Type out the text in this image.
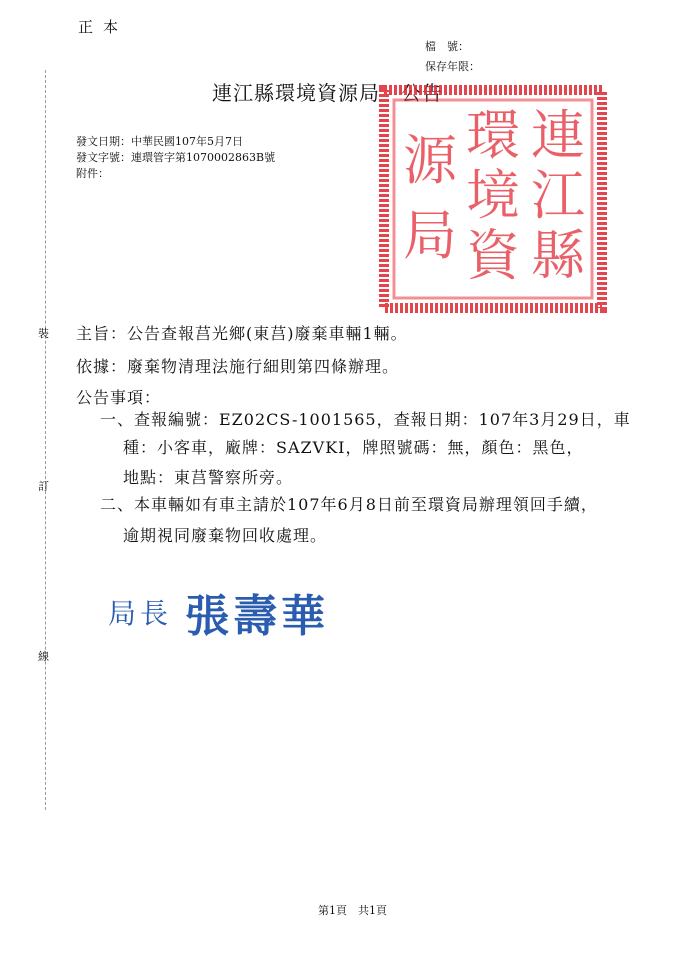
正本
檔　號：
保存年限：
連江縣環境資源局　公告
連
江
縣
環
境
資
源
局
發文日期：中華民國107年5月7日
發文字號：連環管字第1070002863B號
附件：
裝
訂
線
主旨：公告查報莒光鄉(東莒)廢棄車輛1輛。
依據：廢棄物清理法施行細則第四條辦理。
公告事項：
一、查報編號：EZ02CS-1001565，查報日期：107年3月29日，車
種：小客車，廠牌：SAZVKI，牌照號碼：無，顏色：黑色，
地點：東莒警察所旁。
二、本車輛如有車主請於107年6月8日前至環資局辦理領回手續，
逾期視同廢棄物回收處理。
局長 張壽華
第1頁　共1頁
